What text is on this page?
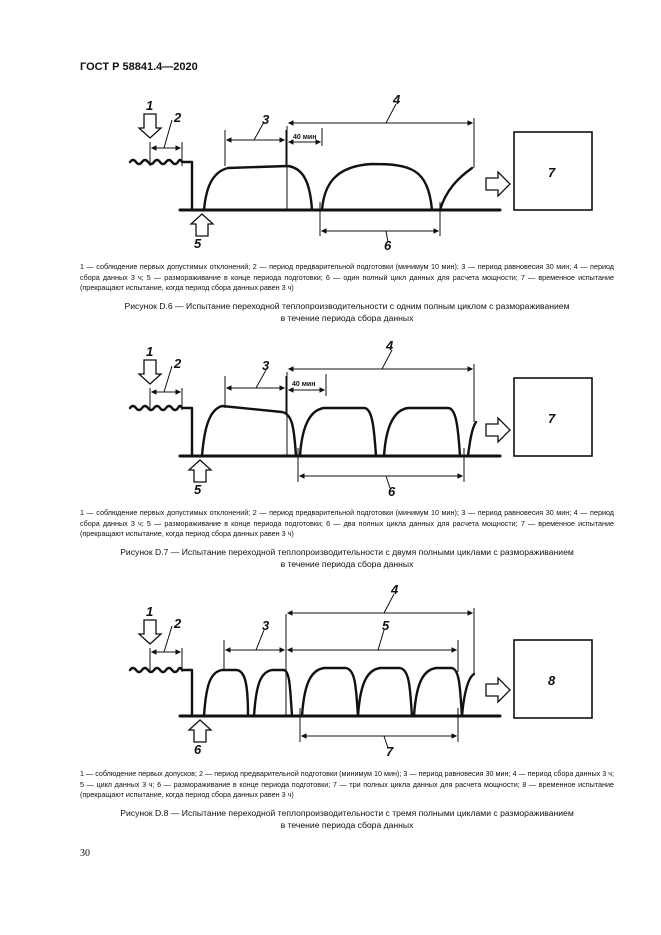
ГОСТ Р 58841.4—2020
1
2	3
4
40 мин
5	6
7
1 — соблюдение первых допустимых отклонений; 2 — период предварительной подготовки (минимум 10 мин); 3 — период равновесия 30 мин; 4 — период сбора данных 3 ч; 5 — размораживание в конце периода подготовки; 6 — один полный цикл данных для расчета мощности; 7 — временное испытание (прекращают испытание, когда период сбора данных равен 3 ч)
Рисунок D.6 — Испытание переходной теплопроизводительности с одним полным циклом с размораживанием
в течение периода сбора данных
1
2	3
4
40 мин
5	6
7
1 — соблюдение первых допустимых отклонений; 2 — период предварительной подготовки (минимум 10 мин); 3 — период равновесия 30 мин; 4 — период сбора данных 3 ч; 5 — размораживание в конце периода подготовки; 6 — два полных цикла данных для расчета мощности; 7 — временное испытание (прекращают испытание, когда период сбора данных равен 3 ч)
Рисунок D.7 — Испытание переходной теплопроизводительности с двумя полными циклами с размораживанием
в течение периода сбора данных
1
2	3
4
5
6	7
8
1 — соблюдение первых допусков; 2 — период предварительной подготовки (минимум 10 мин); 3 — период равновесия 30 мин; 4 — период сбора данных 3 ч; 5 — цикл данных 3 ч; 6 — размораживание в конце периода подготовки; 7 — три полных цикла данных для расчета мощности; 8 — временное испытание (прекращают испытание, когда период сбора данных равен 3 ч)
Рисунок D.8 — Испытание переходной теплопроизводительности с тремя полными циклами с размораживанием
в течение периода сбора данных
30
